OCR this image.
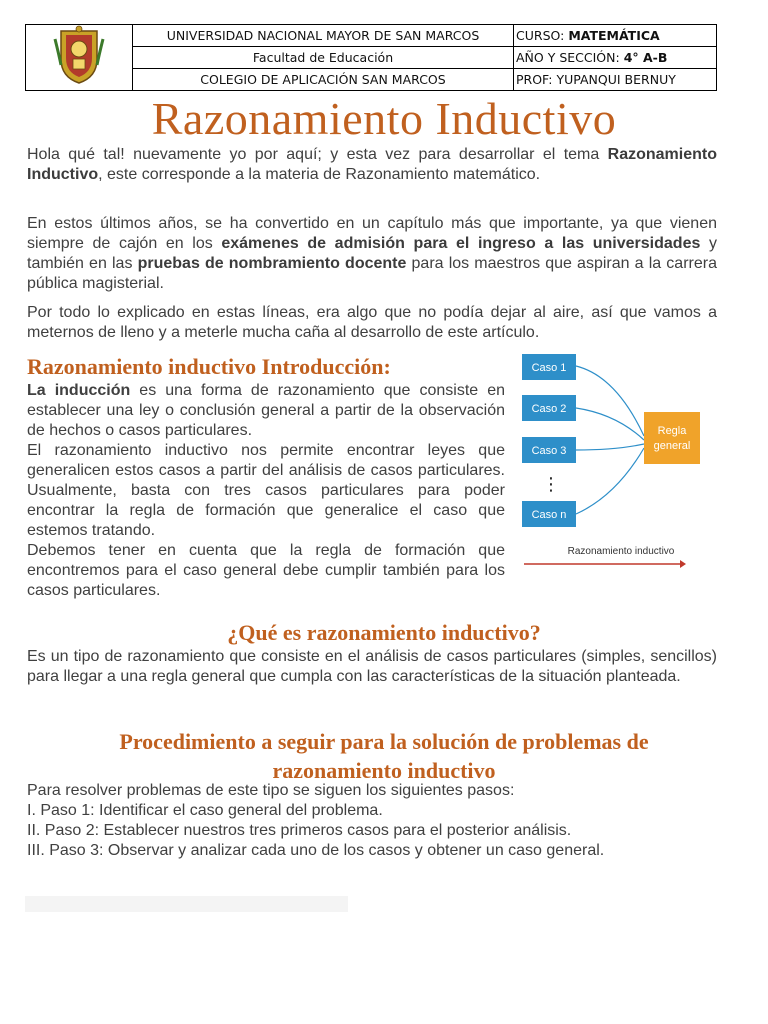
	UNIVERSIDAD NACIONAL MAYOR DE SAN MARCOS	CURSO: MATEMÁTICA
	Facultad de Educación	AÑO Y SECCIÓN: 4° A-B
	COLEGIO DE APLICACIÓN SAN MARCOS	PROF: YUPANQUI BERNUY
Razonamiento Inductivo

Hola qué tal! nuevamente yo por aquí; y esta vez para desarrollar el tema Razonamiento Inductivo, este corresponde a la materia de Razonamiento matemático.

En estos últimos años, se ha convertido en un capítulo más que importante, ya que vienen siempre de cajón en los exámenes de admisión para el ingreso a las universidades y también en las pruebas de nombramiento docente para los maestros que aspiran a la carrera pública magisterial.

Por todo lo explicado en estas líneas, era algo que no podía dejar al aire, así que vamos a meternos de lleno y a meterle mucha caña al desarrollo de este artículo.

Razonamiento inductivo Introducción:

La inducción es una forma de razonamiento que consiste en establecer una ley o conclusión general a partir de la observación de hechos o casos particulares.

El razonamiento inductivo nos permite encontrar leyes que generalicen estos casos a partir del análisis de casos particulares. Usualmente, basta con tres casos particulares para poder encontrar la regla de formación que generalice el caso que estemos tratando.

Debemos tener en cuenta que la regla de formación que encontremos para el caso general debe cumplir también para los casos particulares.

Caso 1
Caso 2
Caso 3
⋮
Caso n
Regla
general
Razonamiento inductivo
¿Qué es razonamiento inductivo?

Es un tipo de razonamiento que consiste en el análisis de casos particulares (simples, sencillos) para llegar a una regla general que cumpla con las características de la situación planteada.

Procedimiento a seguir para la solución de problemas de
razonamiento inductivo
Para resolver problemas de este tipo se siguen los siguientes pasos:
I. Paso 1: Identificar el caso general del problema.
II. Paso 2: Establecer nuestros tres primeros casos para el posterior análisis.
III. Paso 3: Observar y analizar cada uno de los casos y obtener un caso general.
